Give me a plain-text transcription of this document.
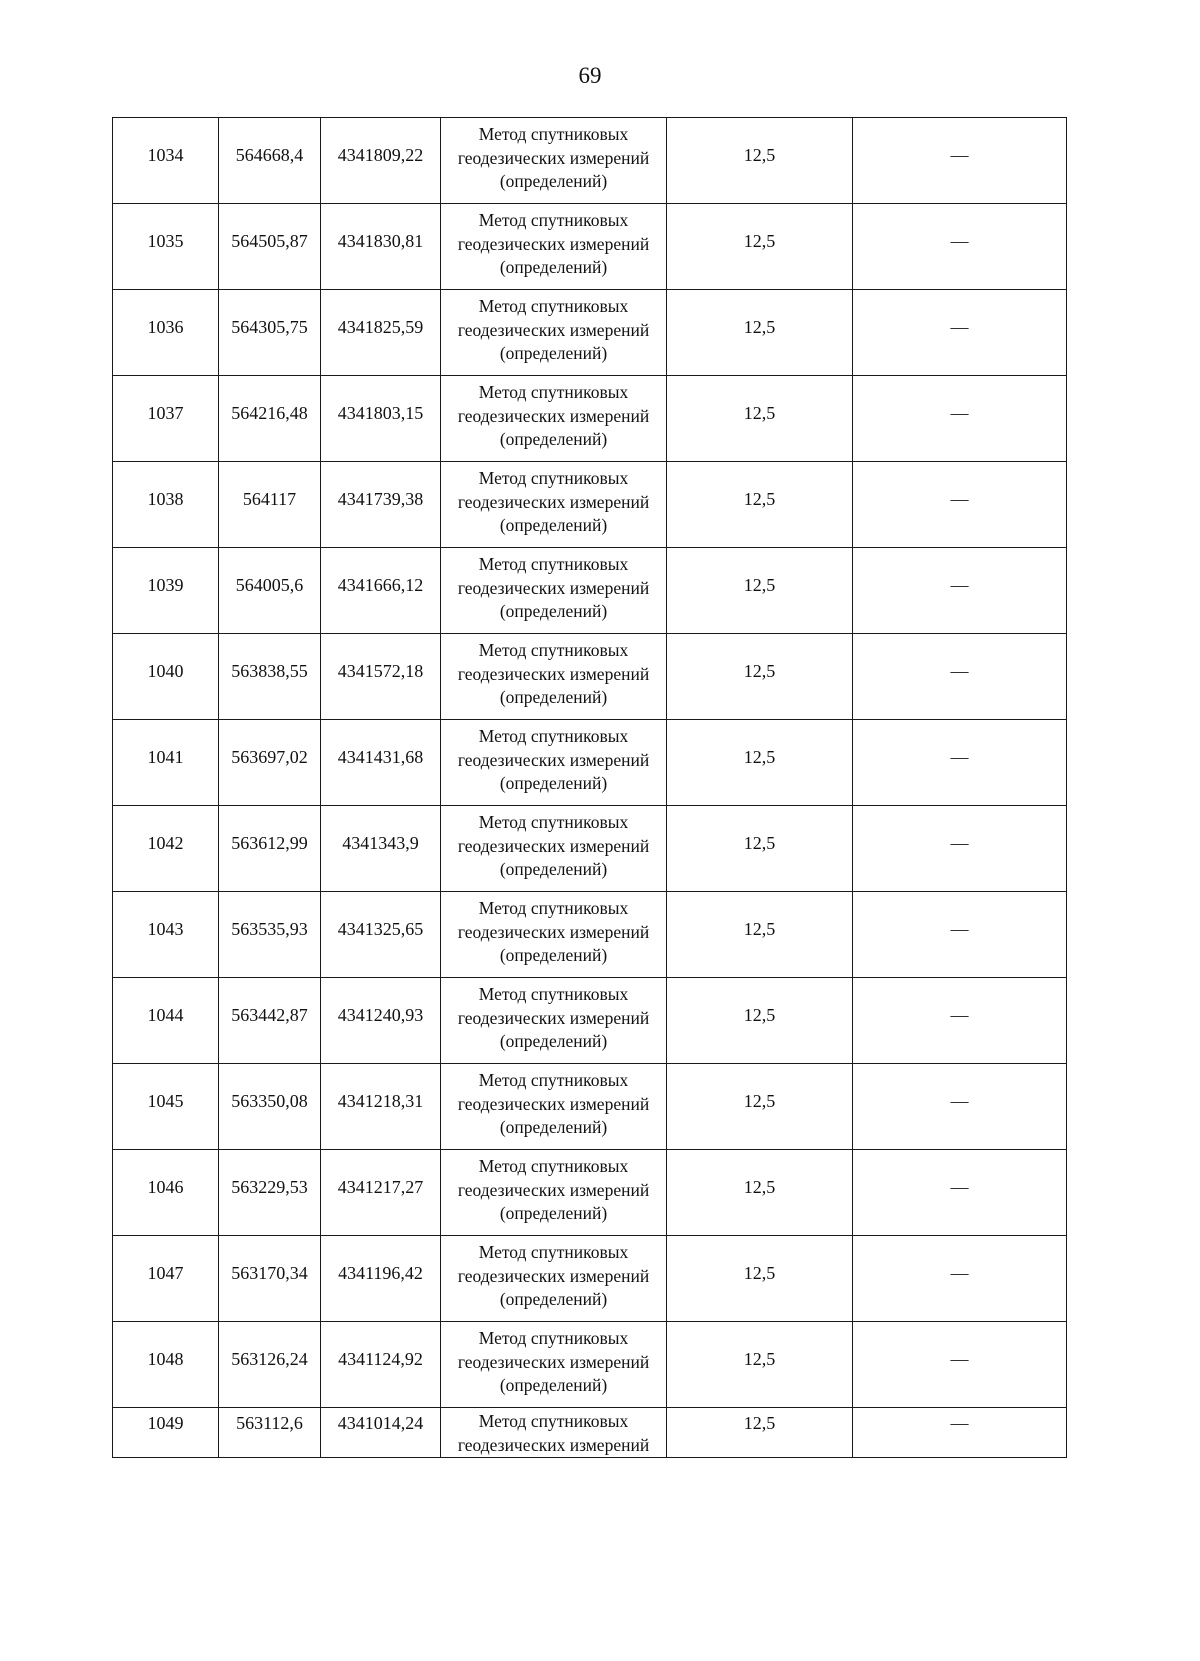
69
1034	564668,4	4341809,22	Метод спутниковых
геодезических измерений
(определений)	12,5	—
1035	564505,87	4341830,81	Метод спутниковых
геодезических измерений
(определений)	12,5	—
1036	564305,75	4341825,59	Метод спутниковых
геодезических измерений
(определений)	12,5	—
1037	564216,48	4341803,15	Метод спутниковых
геодезических измерений
(определений)	12,5	—
1038	564117	4341739,38	Метод спутниковых
геодезических измерений
(определений)	12,5	—
1039	564005,6	4341666,12	Метод спутниковых
геодезических измерений
(определений)	12,5	—
1040	563838,55	4341572,18	Метод спутниковых
геодезических измерений
(определений)	12,5	—
1041	563697,02	4341431,68	Метод спутниковых
геодезических измерений
(определений)	12,5	—
1042	563612,99	4341343,9	Метод спутниковых
геодезических измерений
(определений)	12,5	—
1043	563535,93	4341325,65	Метод спутниковых
геодезических измерений
(определений)	12,5	—
1044	563442,87	4341240,93	Метод спутниковых
геодезических измерений
(определений)	12,5	—
1045	563350,08	4341218,31	Метод спутниковых
геодезических измерений
(определений)	12,5	—
1046	563229,53	4341217,27	Метод спутниковых
геодезических измерений
(определений)	12,5	—
1047	563170,34	4341196,42	Метод спутниковых
геодезических измерений
(определений)	12,5	—
1048	563126,24	4341124,92	Метод спутниковых
геодезических измерений
(определений)	12,5	—
1049	563112,6	4341014,24	Метод спутниковых
геодезических измерений	12,5	—
